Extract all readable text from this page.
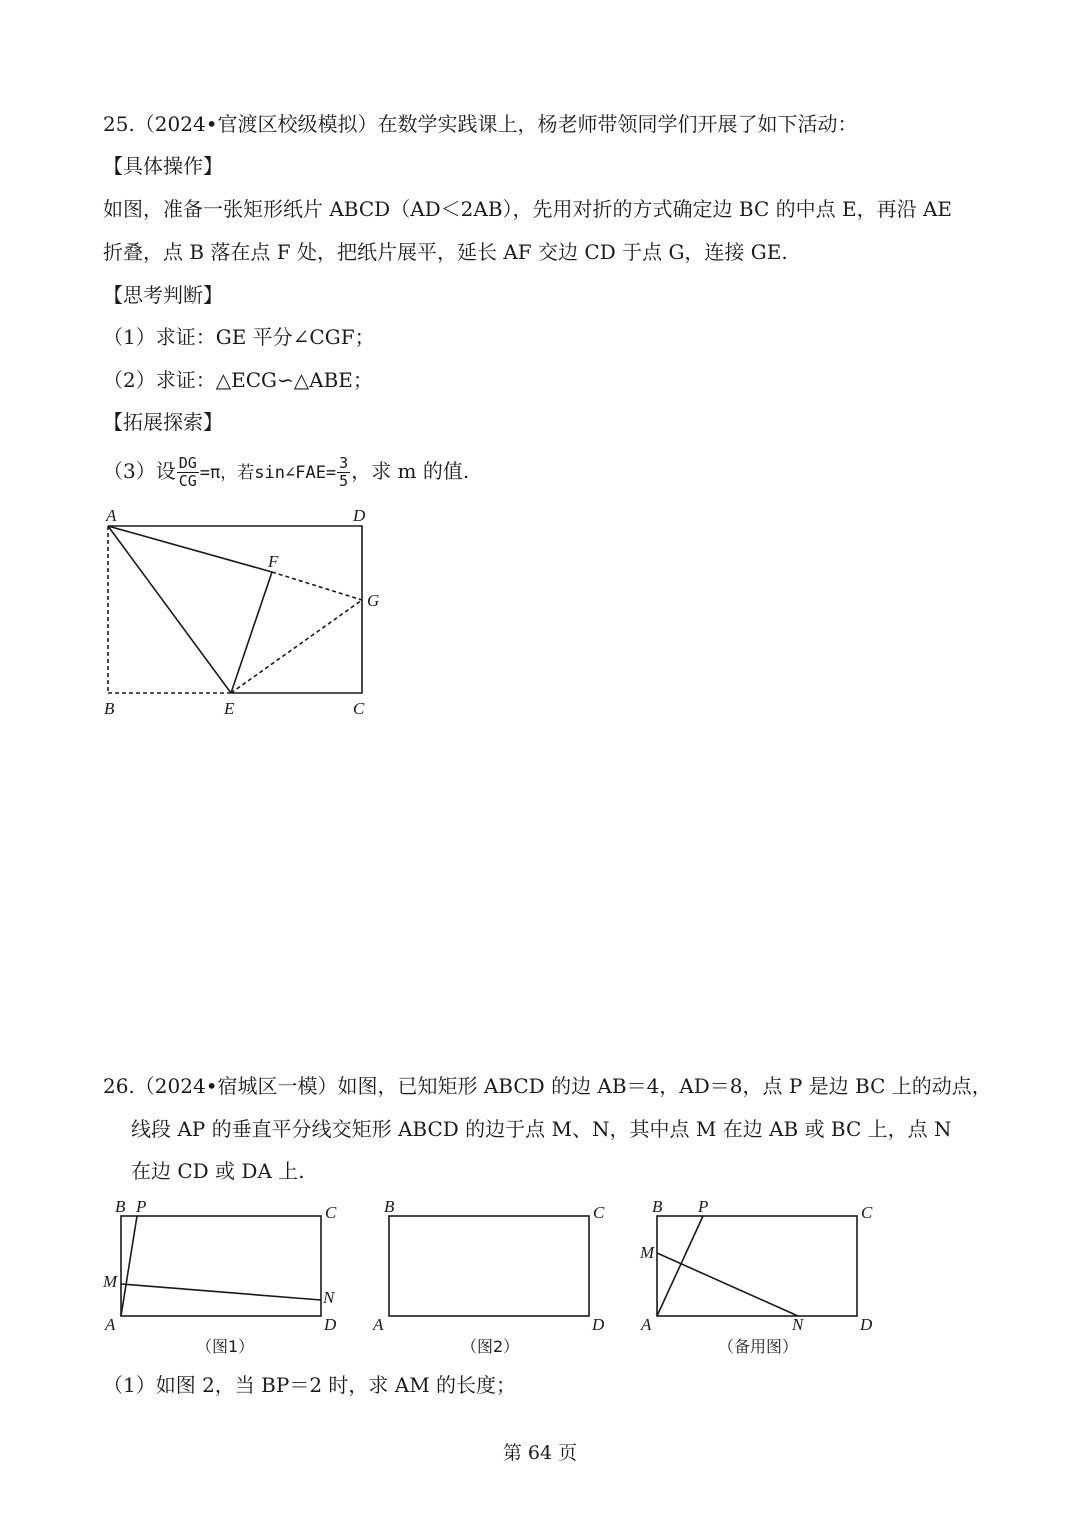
25.（2024•官渡区校级模拟）在数学实践课上，杨老师带领同学们开展了如下活动：
【具体操作】
如图，准备一张矩形纸片 ABCD（AD＜2AB），先用对折的方式确定边 BC 的中点 E，再沿 AE
折叠，点 B 落在点 F 处，把纸片展平，延长 AF 交边 CD 于点 G，连接 GE.
【思考判断】
（1）求证：GE 平分∠CGF；
（2）求证：△ECG∽△ABE；
【拓展探索】
（3）设 $\frac{DG}{CG} =\pi$，若sin∠FAE= $\frac{3}{5}$ ，求 m 的值.
A	D
F
G
B	E	C
26.（2024•宿城区一模）如图，已知矩形 ABCD 的边 AB＝4，AD＝8，点 P 是边 BC 上的动点，
线段 AP 的垂直平分线交矩形 ABCD 的边于点 M、N，其中点 M 在边 AB 或 BC 上，点 N
在边 CD 或 DA 上.
B P	C
M
N
A	D
（图1）
B	C
A	D
（图2）
B P	C
M
A	N	D
（备用图）
（1）如图 2，当 BP＝2 时，求 AM 的长度；
第 64 页
